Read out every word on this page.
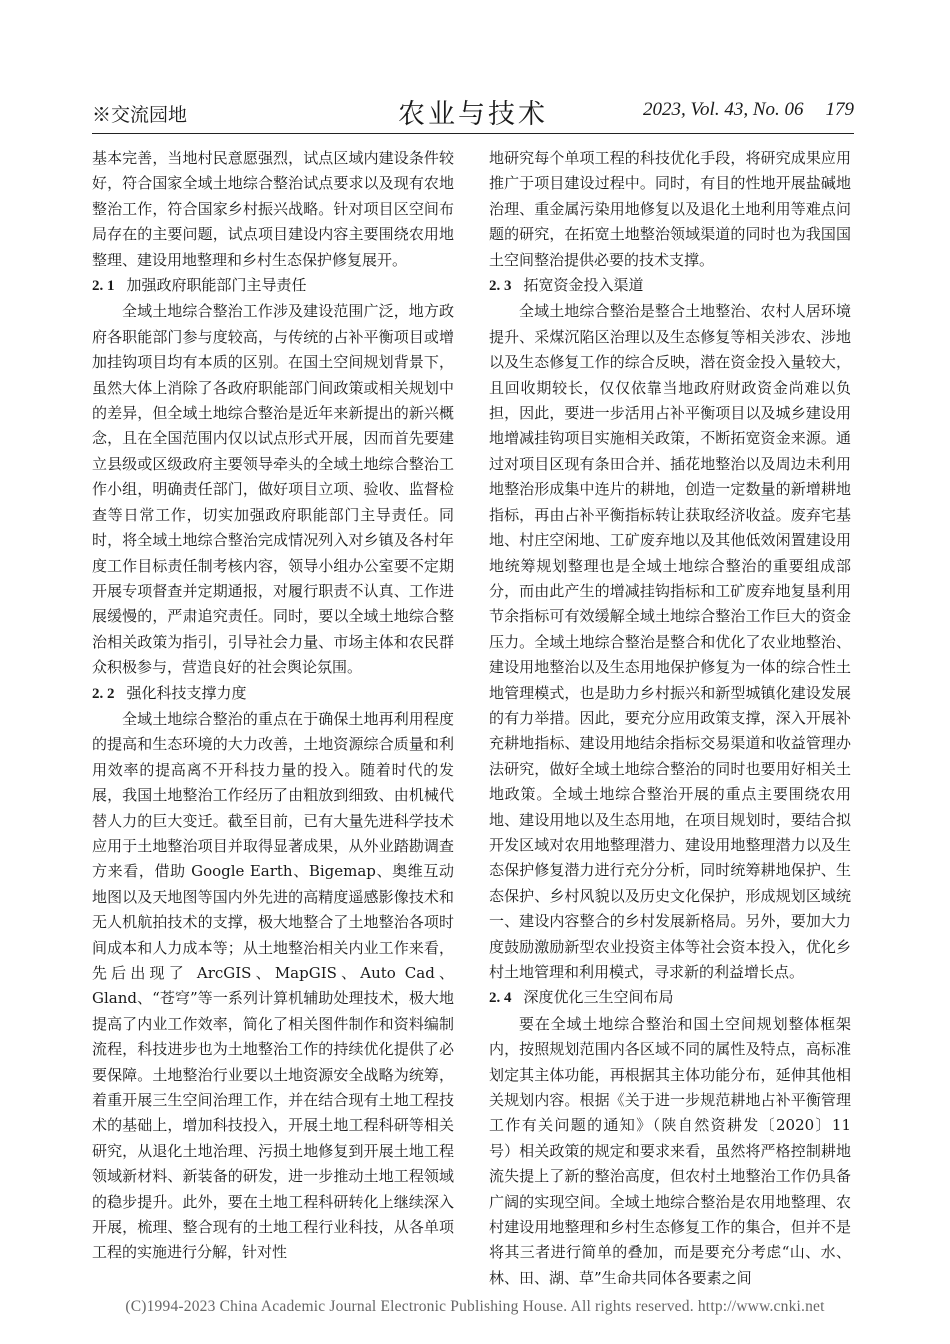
※交流园地	农业与技术	2023, Vol. 43, No. 06 179

基本完善，当地村民意愿强烈，试点区域内建设条件较好，符合国家全域土地综合整治试点要求以及现有农地整治工作，符合国家乡村振兴战略。针对项目区空间布局存在的主要问题，试点项目建设内容主要围绕农用地整理、建设用地整理和乡村生态保护修复展开。

2. 1 加强政府职能部门主导责任

全域土地综合整治工作涉及建设范围广泛，地方政府各职能部门参与度较高，与传统的占补平衡项目或增加挂钩项目均有本质的区别。在国土空间规划背景下，虽然大体上消除了各政府职能部门间政策或相关规划中的差异，但全域土地综合整治是近年来新提出的新兴概念，且在全国范围内仅以试点形式开展，因而首先要建立县级或区级政府主要领导牵头的全域土地综合整治工作小组，明确责任部门，做好项目立项、验收、监督检查等日常工作，切实加强政府职能部门主导责任。同时，将全域土地综合整治完成情况列入对乡镇及各村年度工作目标责任制考核内容，领导小组办公室要不定期开展专项督查并定期通报，对履行职责不认真、工作进展缓慢的，严肃追究责任。同时，要以全域土地综合整治相关政策为指引，引导社会力量、市场主体和农民群众积极参与，营造良好的社会舆论氛围。

2. 2 强化科技支撑力度

全域土地综合整治的重点在于确保土地再利用程度的提高和生态环境的大力改善，土地资源综合质量和利用效率的提高离不开科技力量的投入。随着时代的发展，我国土地整治工作经历了由粗放到细致、由机械代替人力的巨大变迁。截至目前，已有大量先进科学技术应用于土地整治项目并取得显著成果，从外业踏勘调查方来看，借助 Google Earth、Bigemap、奥维互动地图以及天地图等国内外先进的高精度遥感影像技术和无人机航拍技术的支撑，极大地整合了土地整治各项时间成本和人力成本等；从土地整治相关内业工作来看，先后出现了 ArcGIS、MapGIS、Auto Cad、Gland、“苍穹”等一系列计算机辅助处理技术，极大地提高了内业工作效率，简化了相关图件制作和资料编制流程，科技进步也为土地整治工作的持续优化提供了必要保障。土地整治行业要以土地资源安全战略为统筹，着重开展三生空间治理工作，并在结合现有土地工程技术的基础上，增加科技投入，开展土地工程科研等相关研究，从退化土地治理、污损土地修复到开展土地工程领域新材料、新装备的研发，进一步推动土地工程领域的稳步提升。此外，要在土地工程科研转化上继续深入开展，梳理、整合现有的土地工程行业科技，从各单项工程的实施进行分解，针对性

地研究每个单项工程的科技优化手段，将研究成果应用推广于项目建设过程中。同时，有目的性地开展盐碱地治理、重金属污染用地修复以及退化土地利用等难点问题的研究，在拓宽土地整治领域渠道的同时也为我国国土空间整治提供必要的技术支撑。

2. 3 拓宽资金投入渠道

全域土地综合整治是整合土地整治、农村人居环境提升、采煤沉陷区治理以及生态修复等相关涉农、涉地以及生态修复工作的综合反映，潜在资金投入量较大，且回收期较长，仅仅依靠当地政府财政资金尚难以负担，因此，要进一步活用占补平衡项目以及城乡建设用地增减挂钩项目实施相关政策，不断拓宽资金来源。通过对项目区现有条田合并、插花地整治以及周边未利用地整治形成集中连片的耕地，创造一定数量的新增耕地指标，再由占补平衡指标转让获取经济收益。废弃宅基地、村庄空闲地、工矿废弃地以及其他低效闲置建设用地统筹规划整理也是全域土地综合整治的重要组成部分，而由此产生的增减挂钩指标和工矿废弃地复垦利用节余指标可有效缓解全域土地综合整治工作巨大的资金压力。全域土地综合整治是整合和优化了农业地整治、建设用地整治以及生态用地保护修复为一体的综合性土地管理模式，也是助力乡村振兴和新型城镇化建设发展的有力举措。因此，要充分应用政策支撑，深入开展补充耕地指标、建设用地结余指标交易渠道和收益管理办法研究，做好全域土地综合整治的同时也要用好相关土地政策。全域土地综合整治开展的重点主要围绕农用地、建设用地以及生态用地，在项目规划时，要结合拟开发区域对农用地整理潜力、建设用地整理潜力以及生态保护修复潜力进行充分分析，同时统筹耕地保护、生态保护、乡村风貌以及历史文化保护，形成规划区域统一、建设内容整合的乡村发展新格局。另外，要加大力度鼓励激励新型农业投资主体等社会资本投入，优化乡村土地管理和利用模式，寻求新的利益增长点。

2. 4 深度优化三生空间布局

要在全域土地综合整治和国土空间规划整体框架内，按照规划范围内各区域不同的属性及特点，高标准划定其主体功能，再根据其主体功能分布，延伸其他相关规划内容。根据《关于进一步规范耕地占补平衡管理工作有关问题的通知》（陕自然资耕发〔2020〕11 号）相关政策的规定和要求来看，虽然将严格控制耕地流失提上了新的整治高度，但农村土地整治工作仍具备广阔的实现空间。全域土地综合整治是农用地整理、农村建设用地整理和乡村生态修复工作的集合，但并不是将其三者进行简单的叠加，而是要充分考虑“山、水、林、田、湖、草”生命共同体各要素之间

(C)1994-2023 China Academic Journal Electronic Publishing House. All rights reserved. http://www.cnki.net
